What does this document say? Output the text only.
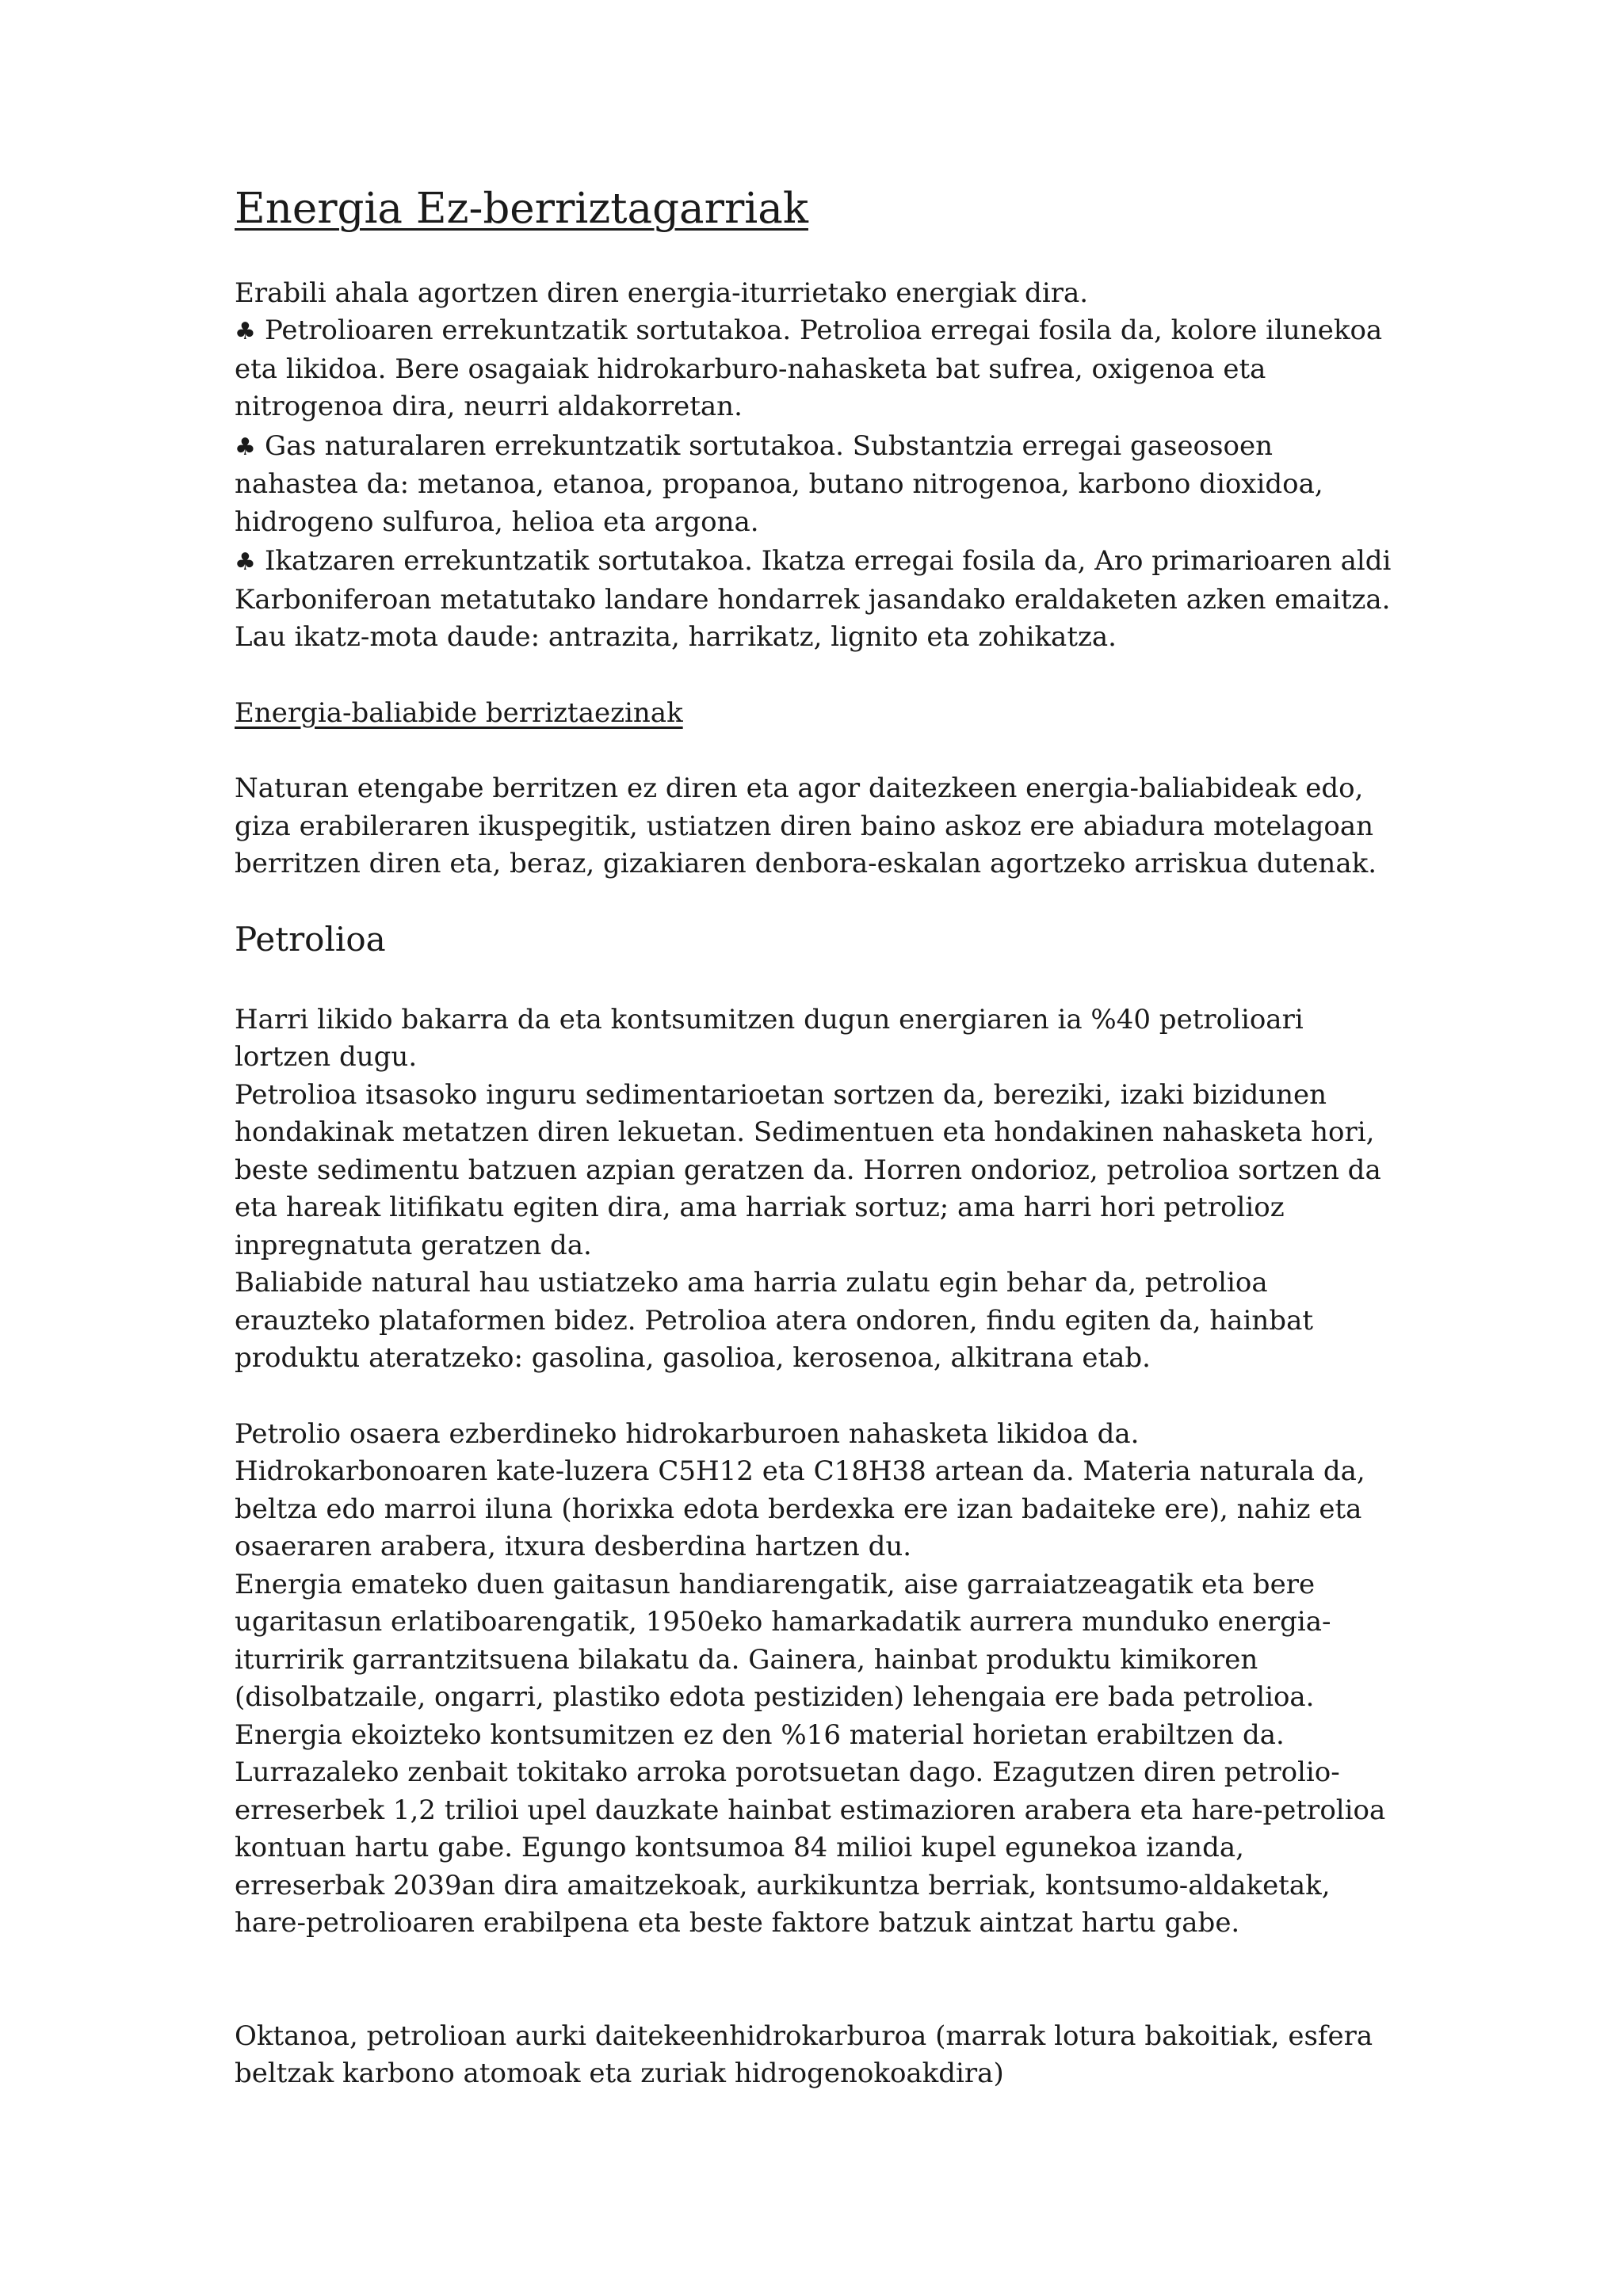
Energia Ez-berriztagarriak

Erabili ahala agortzen diren energia-iturrietako energiak dira.

♣ Petrolioaren errekuntzatik sortutakoa. Petrolioa erregai fosila da, kolore ilunekoa eta likidoa. Bere osagaiak hidrokarburo-nahasketa bat sufrea, oxigenoa eta nitrogenoa dira, neurri aldakorretan.
♣ Gas naturalaren errekuntzatik sortutakoa. Substantzia erregai gaseosoen nahastea da: metanoa, etanoa, propanoa, butano nitrogenoa, karbono dioxidoa, hidrogeno sulfuroa, helioa eta argona.
♣ Ikatzaren errekuntzatik sortutakoa. Ikatza erregai fosila da, Aro primarioaren aldi Karboniferoan metatutako landare hondarrek jasandako eraldaketen azken emaitza. Lau ikatz-mota daude: antrazita, harrikatz, lignito eta zohikatza.
Energia-baliabide berriztaezinak

Naturan etengabe berritzen ez diren eta agor daitezkeen energia-baliabideak edo, giza erabileraren ikuspegitik, ustiatzen diren baino askoz ere abiadura motelagoan berritzen diren eta, beraz, gizakiaren denbora-eskalan agortzeko arriskua dutenak.

Petrolioa

Harri likido bakarra da eta kontsumitzen dugun energiaren ia %40 petrolioari lortzen dugu.

Petrolioa itsasoko inguru sedimentarioetan sortzen da, bereziki, izaki bizidunen hondakinak metatzen diren lekuetan. Sedimentuen eta hondakinen nahasketa hori, beste sedimentu batzuen azpian geratzen da. Horren ondorioz, petrolioa sortzen da eta hareak litifikatu egiten dira, ama harriak sortuz; ama harri hori petrolioz inpregnatuta geratzen da.

Baliabide natural hau ustiatzeko ama harria zulatu egin behar da, petrolioa erauzteko plataformen bidez. Petrolioa atera ondoren, findu egiten da, hainbat produktu ateratzeko: gasolina, gasolioa, kerosenoa, alkitrana etab.

Petrolio osaera ezberdineko hidrokarburoen nahasketa likidoa da. Hidrokarbonoaren kate-luzera C5H12 eta C18H38 artean da. Materia naturala da, beltza edo marroi iluna (horixka edota berdexka ere izan badaiteke ere), nahiz eta osaeraren arabera, itxura desberdina hartzen du.

Energia emateko duen gaitasun handiarengatik, aise garraiatzeagatik eta bere ugaritasun erlatiboarengatik, 1950eko hamarkadatik aurrera munduko energia-iturririk garrantzitsuena bilakatu da. Gainera, hainbat produktu kimikoren (disolbatzaile, ongarri, plastiko edota pestiziden) lehengaia ere bada petrolioa. Energia ekoizteko kontsumitzen ez den %16 material horietan erabiltzen da.

Lurrazaleko zenbait tokitako arroka porotsuetan dago. Ezagutzen diren petrolio-erreserbek 1,2 trilioi upel dauzkate hainbat estimazioren arabera eta hare-petrolioa kontuan hartu gabe. Egungo kontsumoa 84 milioi kupel egunekoa izanda, erreserbak 2039an dira amaitzekoak, aurkikuntza berriak, kontsumo-aldaketak, hare-petrolioaren erabilpena eta beste faktore batzuk aintzat hartu gabe.

Oktanoa, petrolioan aurki daitekeenhidrokarburoa (marrak lotura bakoitiak, esfera beltzak karbono atomoak eta zuriak hidrogenokoakdira)
